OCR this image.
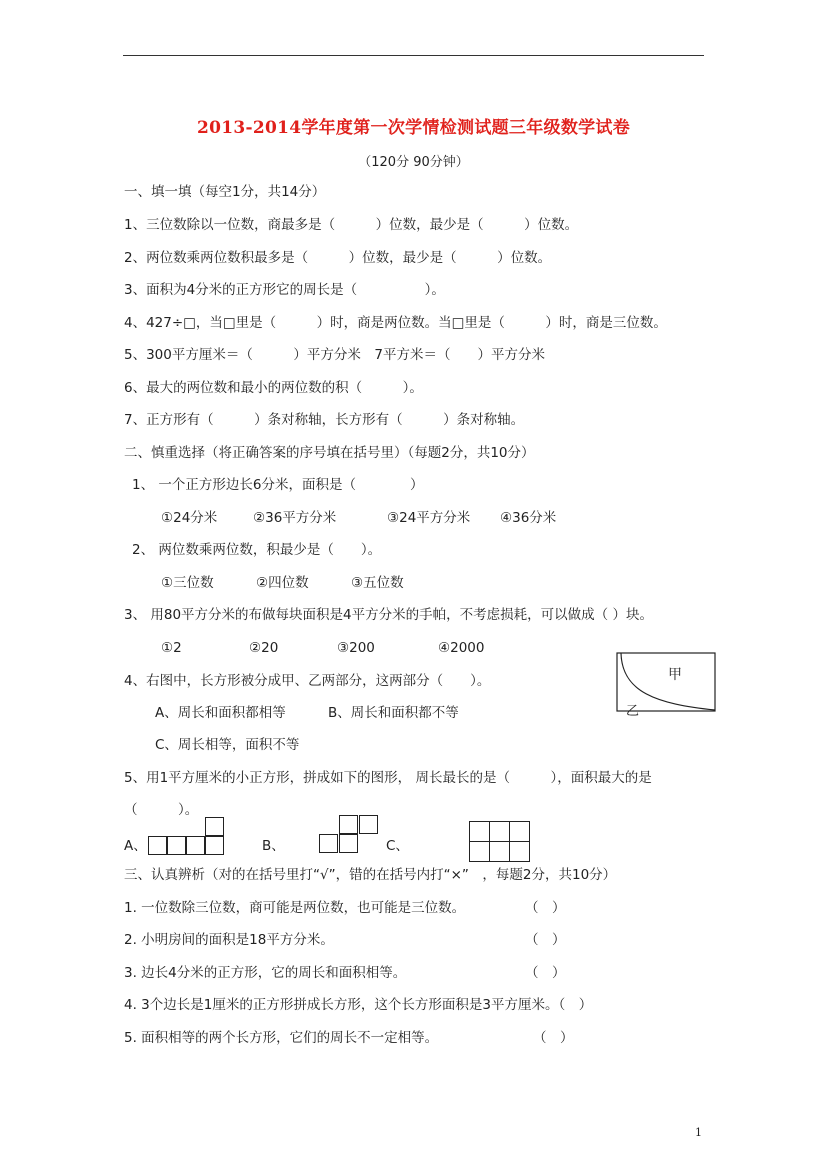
2013-2014学年度第一次学情检测试题三年级数学试卷
（120分 90分钟）
一、填一填（每空1分，共14分）
1、三位数除以一位数，商最多是（　　　）位数，最少是（　　　）位数。
2、两位数乘两位数积最多是（　　　）位数，最少是（　　　）位数。
3、面积为4分米的正方形它的周长是（　　　　　）。
4、427÷□，当□里是（　　　）时，商是两位数。当□里是（　　　）时，商是三位数。
5、300平方厘米＝（　　　）平方分米　7平方米＝（　　）平方分米
6、最大的两位数和最小的两位数的积（　　　）。
7、正方形有（　　　）条对称轴，长方形有（　　　）条对称轴。
二、慎重选择（将正确答案的序号填在括号里）（每题2分，共10分）
1、 一个正方形边长6分米，面积是（　　　　）
①24分米	②36平方分米	③24平方分米 ④36分米
2、 两位数乘两位数，积最少是（　　）。
①三位数	②四位数	③五位数
3、 用80平方分米的布做每块面积是4平方分米的手帕，不考虑损耗，可以做成（ ）块。
①2	②20	③200	④2000
4、右图中，长方形被分成甲、乙两部分，这两部分（　　）。
A、周长和面积都相等	B、周长和面积都不等
C、周长相等，面积不等
甲
乙
5、用1平方厘米的小正方形，拼成如下的图形， 周长最长的是（　　　），面积最大的是
（　　　）。
A、	B、	C、
三、认真辨析（对的在括号里打“√”，错的在括号内打“×”　，每题2分，共10分）
1. 一位数除三位数，商可能是两位数，也可能是三位数。	（　）
2. 小明房间的面积是18平方分米。	（　）
3. 边长4分米的正方形，它的周长和面积相等。	（　）
4. 3个边长是1厘米的正方形拼成长方形，这个长方形面积是3平方厘米。（　）
5. 面积相等的两个长方形，它们的周长不一定相等。	（　）
1
